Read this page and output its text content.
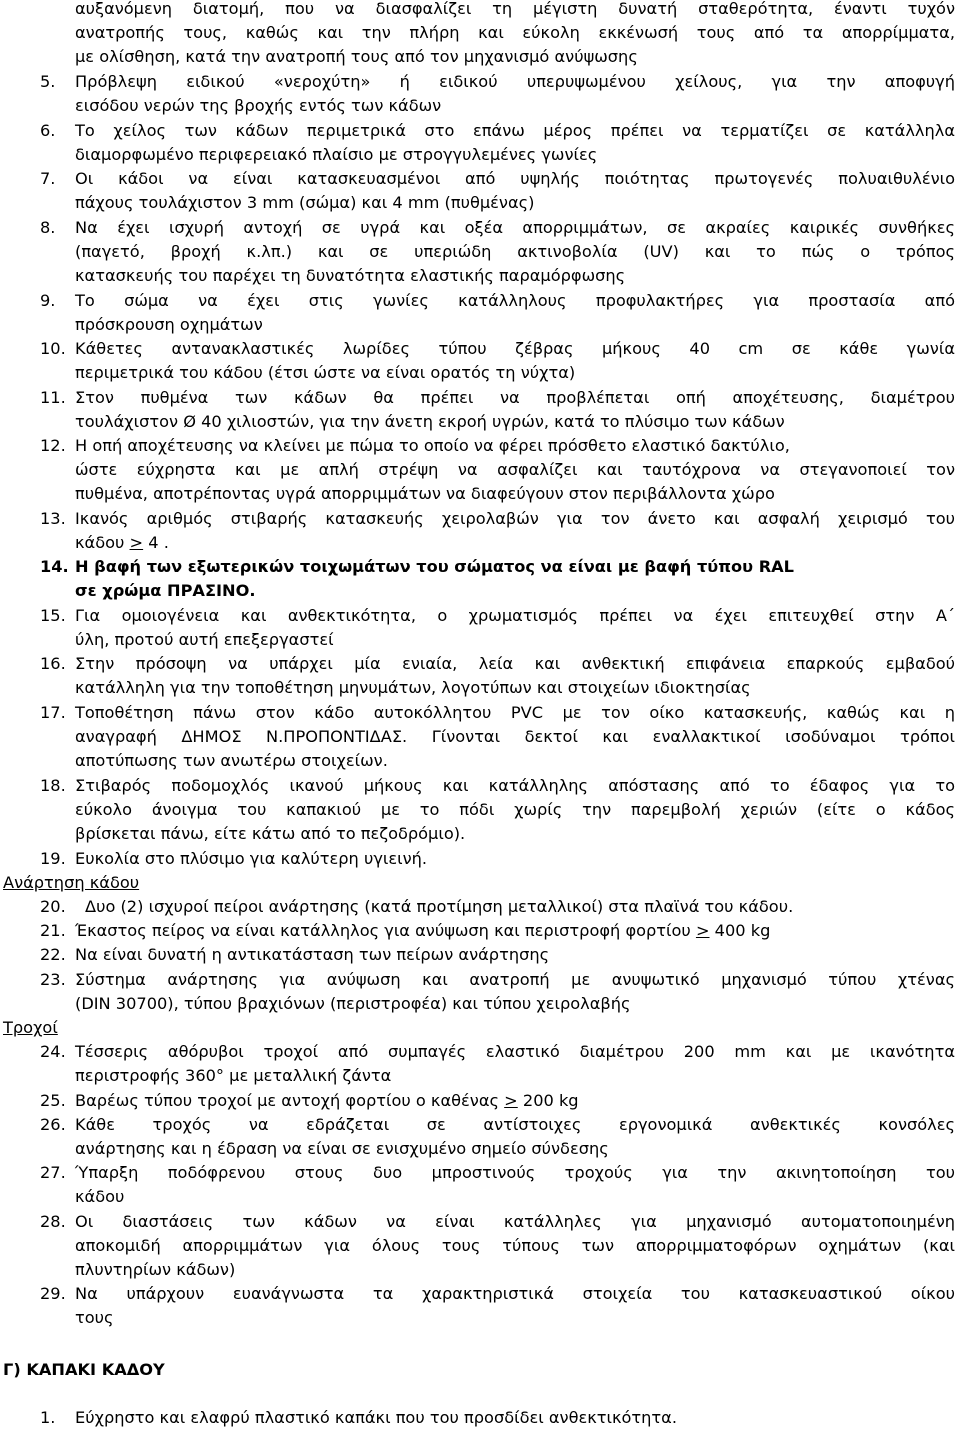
αυξανόμενη διατομή, που να διασφαλίζει τη μέγιστη δυνατή σταθερότητα, έναντι τυχόν
ανατροπής τους, καθώς και την πλήρη και εύκολη εκκένωσή τους από τα απορρίμματα,
με ολίσθηση, κατά την ανατροπή τους από τον μηχανισμό ανύψωσης
5. Πρόβλεψη ειδικού «νεροχύτη» ή ειδικού υπερυψωμένου χείλους, για την αποφυγή
εισόδου νερών της βροχής εντός των κάδων
6. Το χείλος των κάδων περιμετρικά στο επάνω μέρος πρέπει να τερματίζει σε κατάλληλα
διαμορφωμένο περιφερειακό πλαίσιο με στρογγυλεμένες γωνίες
7. Οι κάδοι να είναι κατασκευασμένοι από υψηλής ποιότητας πρωτογενές πολυαιθυλένιο
πάχους τουλάχιστον 3 mm (σώμα) και 4 mm (πυθμένας)
8. Να έχει ισχυρή αντοχή σε υγρά και οξέα απορριμμάτων, σε ακραίες καιρικές συνθήκες
(παγετό, βροχή κ.λπ.) και σε υπεριώδη ακτινοβολία (UV) και το πώς ο τρόπος
κατασκευής του παρέχει τη δυνατότητα ελαστικής παραμόρφωσης
9. Το σώμα να έχει στις γωνίες κατάλληλους προφυλακτήρες για προστασία από
πρόσκρουση οχημάτων
10. Κάθετες αντανακλαστικές λωρίδες τύπου ζέβρας μήκους 40 cm σε κάθε γωνία
περιμετρικά του κάδου (έτσι ώστε να είναι ορατός τη νύχτα)
11. Στον πυθμένα των κάδων θα πρέπει να προβλέπεται οπή αποχέτευσης, διαμέτρου
τουλάχιστον Ø 40 χιλιοστών, για την άνετη εκροή υγρών, κατά το πλύσιμο των κάδων
12. Η οπή αποχέτευσης να κλείνει με πώμα το οποίο να φέρει πρόσθετο ελαστικό δακτύλιο,
ώστε εύχρηστα και με απλή στρέψη να ασφαλίζει και ταυτόχρονα να στεγανοποιεί τον
πυθμένα, αποτρέποντας υγρά απορριμμάτων να διαφεύγουν στον περιβάλλοντα χώρο
13. Ικανός αριθμός στιβαρής κατασκευής χειρολαβών για τον άνετο και ασφαλή χειρισμό του
κάδου ≥ 4 .
14. Η βαφή των εξωτερικών τοιχωμάτων του σώματος να είναι με βαφή τύπου RAL
σε χρώμα ΠΡΑΣΙΝΟ.
15. Για ομοιογένεια και ανθεκτικότητα, ο χρωματισμός πρέπει να έχει επιτευχθεί στην Α΄
ύλη, προτού αυτή επεξεργαστεί
16. Στην πρόσοψη να υπάρχει μία ενιαία, λεία και ανθεκτική επιφάνεια επαρκούς εμβαδού
κατάλληλη για την τοποθέτηση μηνυμάτων, λογοτύπων και στοιχείων ιδιοκτησίας
17. Τοποθέτηση πάνω στον κάδο αυτοκόλλητου PVC με τον οίκο κατασκευής, καθώς και η
αναγραφή ΔΗΜΟΣ Ν.ΠΡΟΠΟΝΤΙΔΑΣ. Γίνονται δεκτοί και εναλλακτικοί ισοδύναμοι τρόποι
αποτύπωσης των ανωτέρω στοιχείων.
18. Στιβαρός ποδομοχλός ικανού μήκους και κατάλληλης απόστασης από το έδαφος για το
εύκολο άνοιγμα του καπακιού με το πόδι χωρίς την παρεμβολή χεριών (είτε ο κάδος
βρίσκεται πάνω, είτε κάτω από το πεζοδρόμιο).
19. Ευκολία στο πλύσιμο για καλύτερη υγιεινή.
Ανάρτηση κάδου
20. Δυο (2) ισχυροί πείροι ανάρτησης (κατά προτίμηση μεταλλικοί) στα πλαϊνά του κάδου.
21. Έκαστος πείρος να είναι κατάλληλος για ανύψωση και περιστροφή φορτίου ≥ 400 kg
22. Να είναι δυνατή η αντικατάσταση των πείρων ανάρτησης
23. Σύστημα ανάρτησης για ανύψωση και ανατροπή με ανυψωτικό μηχανισμό τύπου χτένας
(DIN 30700), τύπου βραχιόνων (περιστροφέα) και τύπου χειρολαβής
Τροχοί
24. Τέσσερις αθόρυβοι τροχοί από συμπαγές ελαστικό διαμέτρου 200 mm και με ικανότητα
περιστροφής 360° με μεταλλική ζάντα
25. Βαρέως τύπου τροχοί με αντοχή φορτίου ο καθένας ≥ 200 kg
26. Κάθε τροχός να εδράζεται σε αντίστοιχες εργονομικά ανθεκτικές κονσόλες
ανάρτησης και η έδραση να είναι σε ενισχυμένο σημείο σύνδεσης
27. Ύπαρξη ποδόφρενου στους δυο μπροστινούς τροχούς για την ακινητοποίηση του
κάδου
28. Οι διαστάσεις των κάδων να είναι κατάλληλες για μηχανισμό αυτοματοποιημένη
αποκομιδή απορριμμάτων για όλους τους τύπους των απορριμματοφόρων οχημάτων (και
πλυντηρίων κάδων)
29. Να υπάρχουν ευανάγνωστα τα χαρακτηριστικά στοιχεία του κατασκευαστικού οίκου
τους
Γ) ΚΑΠΑΚΙ ΚΑΔΟΥ
1. Εύχρηστο και ελαφρύ πλαστικό καπάκι που του προσδίδει ανθεκτικότητα.
